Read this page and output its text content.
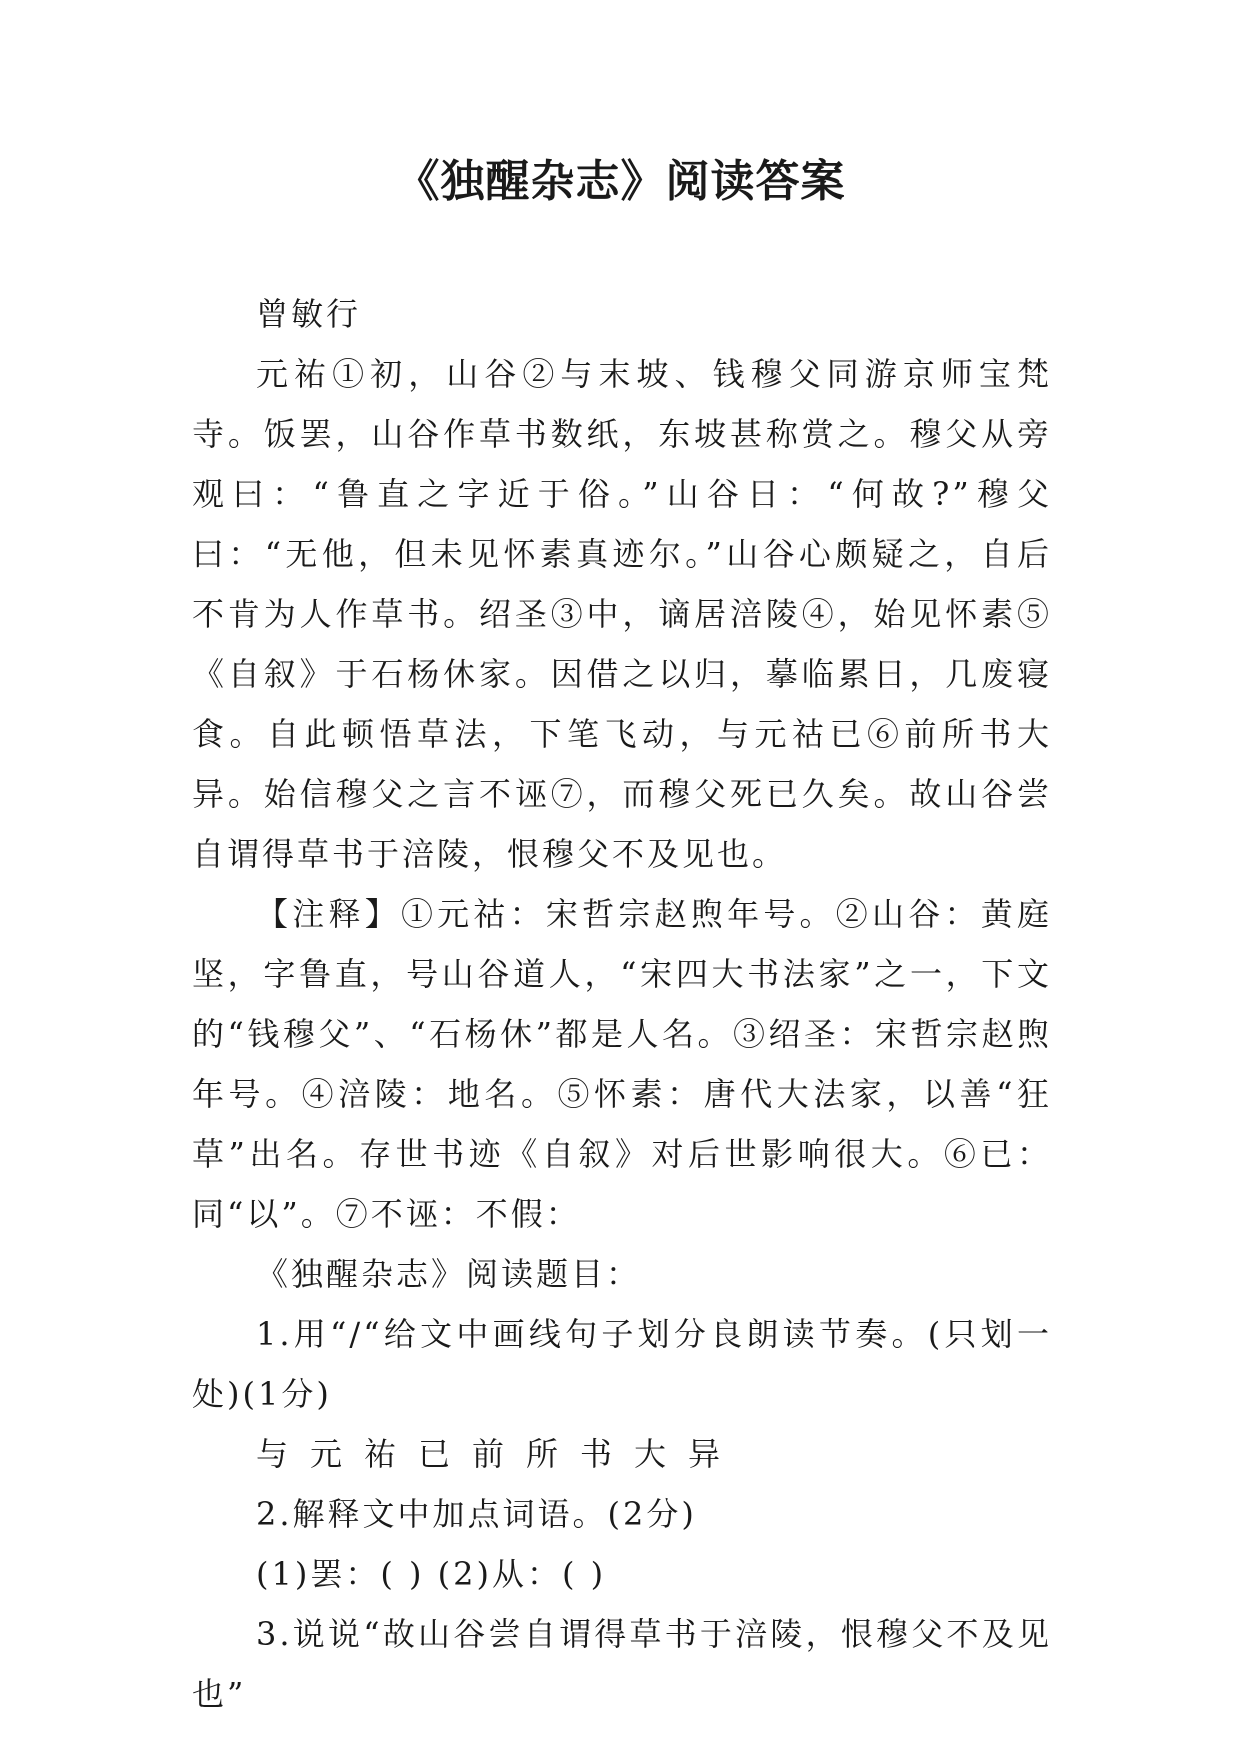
《独醒杂志》阅读答案

曾敏行

元祐①初，山谷②与末坡、钱穆父同游京师宝梵寺。饭罢，山谷作草书数纸，东坡甚称赏之。穆父从旁观曰：“鲁直之字近于俗。”山谷日：“何故?”穆父曰：“无他，但未见怀素真迹尔。”山谷心颇疑之，自后不肯为人作草书。绍圣③中，谪居涪陵④，始见怀素⑤《自叙》于石杨休家。因借之以归，摹临累日，几废寝食。自此顿悟草法，下笔飞动，与元祜已⑥前所书大异。始信穆父之言不诬⑦，而穆父死已久矣。故山谷尝自谓得草书于涪陵，恨穆父不及见也。

【注释】①元祜：宋哲宗赵煦年号。②山谷：黄庭坚，字鲁直，号山谷道人，“宋四大书法家”之一，下文的“钱穆父”、“石杨休”都是人名。③绍圣：宋哲宗赵煦年号。④涪陵：地名。⑤怀素：唐代大法家，以善“狂草”出名。存世书迹《自叙》对后世影响很大。⑥已：同“以”。⑦不诬：不假：

《独醒杂志》阅读题目：

1.用“/“给文中画线句子划分良朗读节奏。(只划一处)(1分)

与元祐已前所书大异

2.解释文中加点词语。(2分)

(1)罢：( ) (2)从：( )

3.说说“故山谷尝自谓得草书于涪陵，恨穆父不及见也”
